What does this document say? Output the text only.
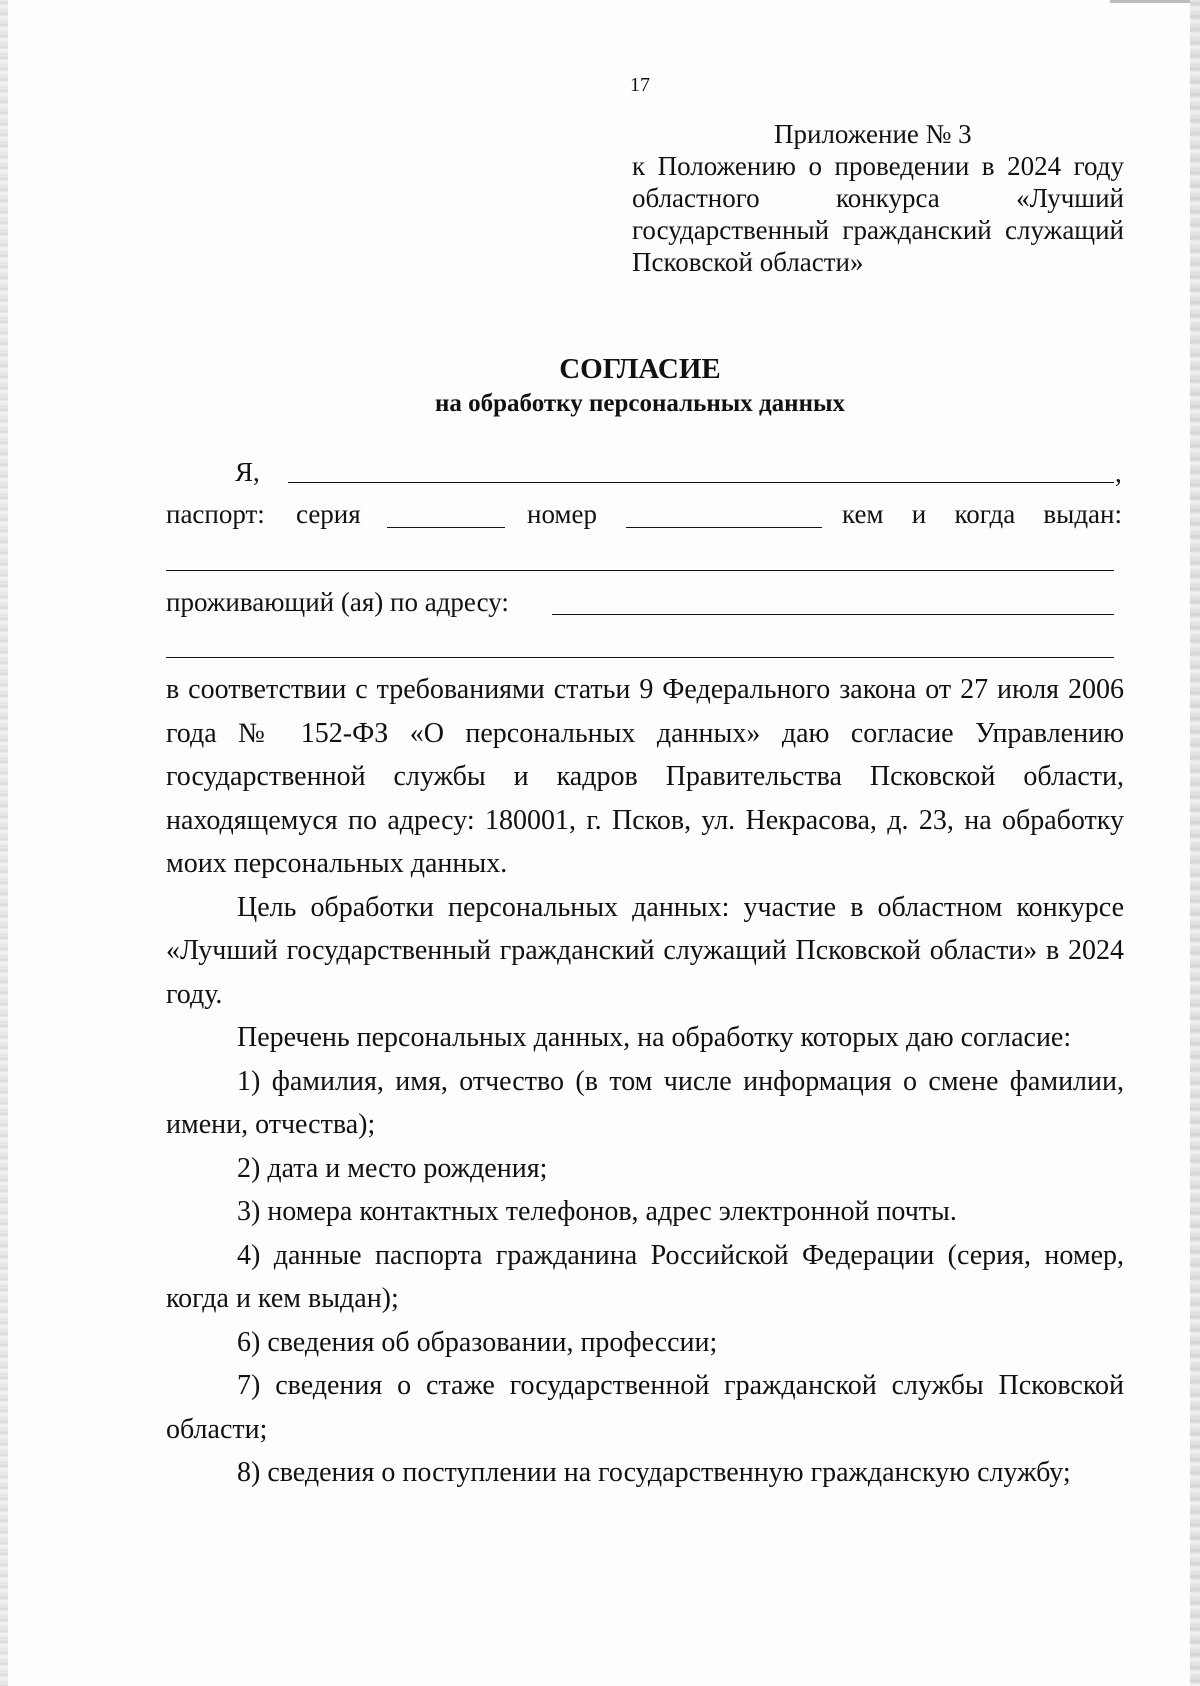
17
Приложение № 3
к Положению о проведении в 2024 году областного конкурса «Лучший государственный гражданский служащий Псковской области»
СОГЛАСИЕ
на обработку персональных данных
Я,	,
паспорт: серия	номер	кем и когда выдан:
проживающий (ая) по адресу:

в соответствии с требованиями статьи 9 Федерального закона от 27 июля 2006 года № 152-ФЗ «О персональных данных» даю согласие Управлению государственной службы и кадров Правительства Псковской области, находящемуся по адресу: 180001, г. Псков, ул. Некрасова, д. 23, на обработку моих персональных данных.

Цель обработки персональных данных: участие в областном конкурсе «Лучший государственный гражданский служащий Псковской области» в 2024 году.

Перечень персональных данных, на обработку которых даю согласие:

1) фамилия, имя, отчество (в том числе информация о смене фамилии, имени, отчества);

2) дата и место рождения;

3) номера контактных телефонов, адрес электронной почты.

4) данные паспорта гражданина Российской Федерации (серия, номер, когда и кем выдан);

6) сведения об образовании, профессии;

7) сведения о стаже государственной гражданской службы Псковской области;

8) сведения о поступлении на государственную гражданскую службу;
